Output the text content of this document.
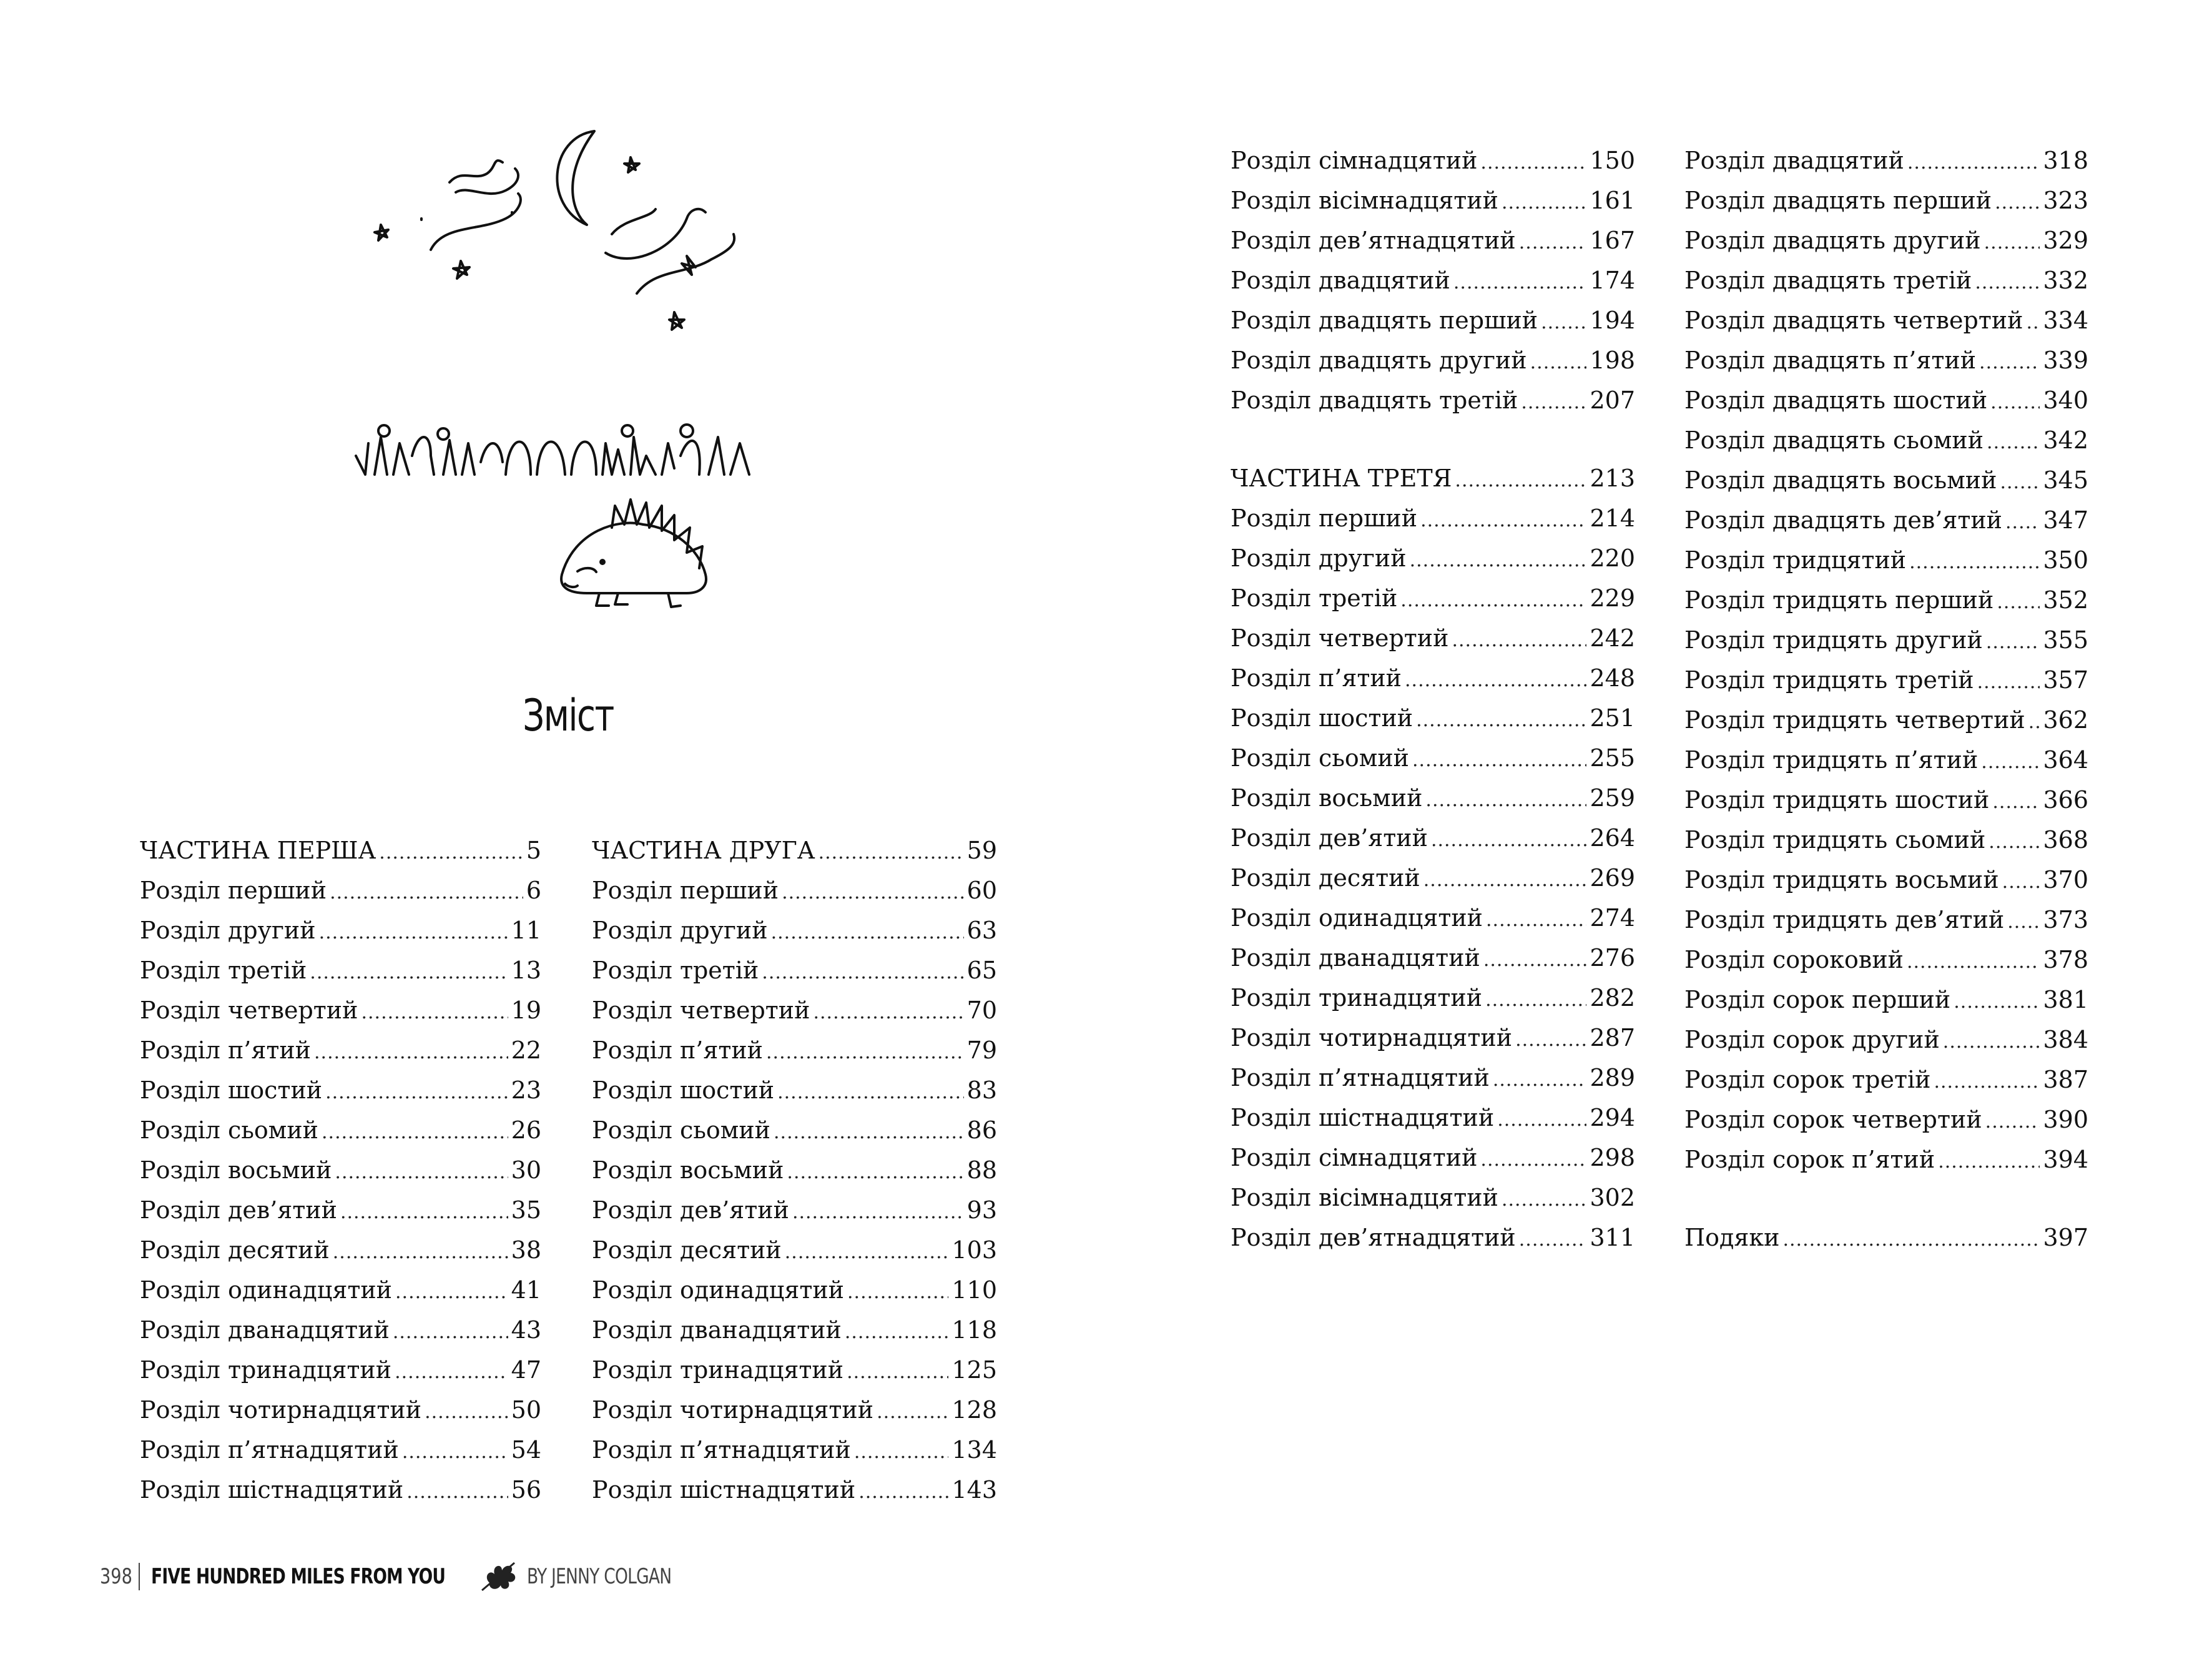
Зміст
ЧАСТИНА ПЕРША .....	5
Розділ перший .....	6
Розділ другий .....	11
Розділ третій .....	13
Розділ четвертий .....	19
Розділ п’ятий .....	22
Розділ шостий .....	23
Розділ сьомий .....	26
Розділ восьмий .....	30
Розділ дев’ятий .....	35
Розділ десятий .....	38
Розділ одинадцятий .....	41
Розділ дванадцятий .....	43
Розділ тринадцятий .....	47
Розділ чотирнадцятий .....	50
Розділ п’ятнадцятий .....	54
Розділ шістнадцятий .....	56
ЧАСТИНА ДРУГА .....	59
Розділ перший .....	60
Розділ другий .....	63
Розділ третій .....	65
Розділ четвертий .....	70
Розділ п’ятий .....	79
Розділ шостий .....	83
Розділ сьомий .....	86
Розділ восьмий .....	88
Розділ дев’ятий .....	93
Розділ десятий .....	103
Розділ одинадцятий .....	110
Розділ дванадцятий .....	118
Розділ тринадцятий .....	125
Розділ чотирнадцятий .....	128
Розділ п’ятнадцятий .....	134
Розділ шістнадцятий .....	143
Розділ сімнадцятий .....	150
Розділ вісімнадцятий .....	161
Розділ дев’ятнадцятий .....	167
Розділ двадцятий .....	174
Розділ двадцять перший ..... 194
Розділ двадцять другий .....	198
Розділ двадцять третій .....	207
ЧАСТИНА ТРЕТЯ .....	213
Розділ перший .....	214
Розділ другий .....	220
Розділ третій .....	229
Розділ четвертий .....	242
Розділ п’ятий .....	248
Розділ шостий .....	251
Розділ сьомий .....	255
Розділ восьмий .....	259
Розділ дев’ятий .....	264
Розділ десятий .....	269
Розділ одинадцятий .....	274
Розділ дванадцятий .....	276
Розділ тринадцятий .....	282
Розділ чотирнадцятий .....	287
Розділ п’ятнадцятий .....	289
Розділ шістнадцятий .....	294
Розділ сімнадцятий .....	298
Розділ вісімнадцятий .....	302
Розділ дев’ятнадцятий .....	311
Розділ двадцятий .....	318
Розділ двадцять перший ..... 323
Розділ двадцять другий .....	329
Розділ двадцять третій .....	332
Розділ двадцять четвертий ..... 334
Розділ двадцять п’ятий .....	339
Розділ двадцять шостий ..... 340
Розділ двадцять сьомий .....	342
Розділ двадцять восьмий ..... 345
Розділ двадцять дев’ятий ..... 347
Розділ тридцятий .....	350
Розділ тридцять перший ..... 352
Розділ тридцять другий .....	355
Розділ тридцять третій .....	357
Розділ тридцять четвертий ..... 362
Розділ тридцять п’ятий .....	364
Розділ тридцять шостий ..... 366
Розділ тридцять сьомий ..... 368
Розділ тридцять восьмий ..... 370
Розділ тридцять дев’ятий ..... 373
Розділ сороковий .....	378
Розділ сорок перший .....	381
Розділ сорок другий .....	384
Розділ сорок третій .....	387
Розділ сорок четвертий .....	390
Розділ сорок п’ятий .....	394
Подяки .....	397
398 FIVE HUNDRED MILES FROM YOU	BY JENNY COLGAN
